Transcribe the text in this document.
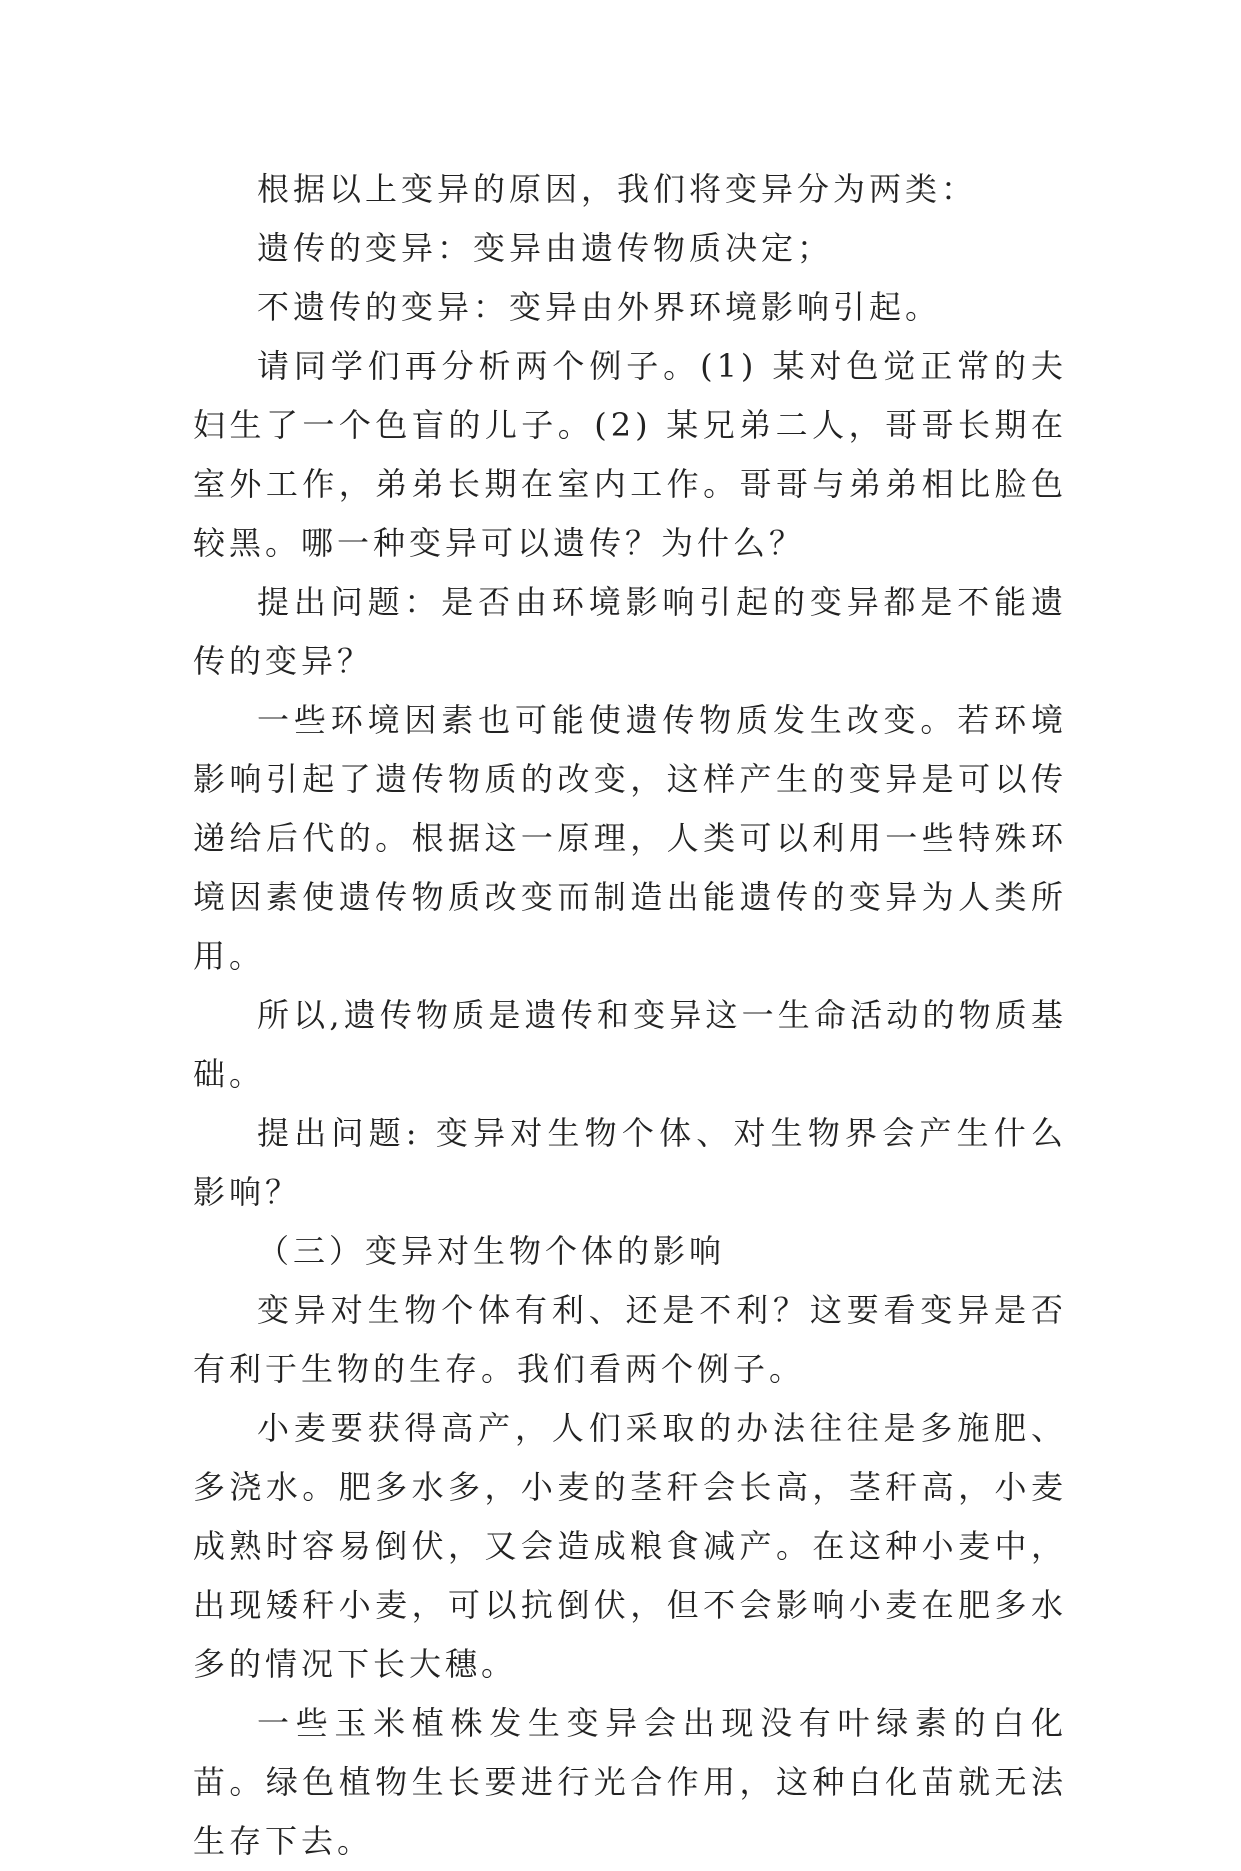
根据以上变异的原因，我们将变异分为两类：

遗传的变异：变异由遗传物质决定；

不遗传的变异：变异由外界环境影响引起。

请同学们再分析两个例子。(1) 某对色觉正常的夫妇生了一个色盲的儿子。(2) 某兄弟二人，哥哥长期在室外工作，弟弟长期在室内工作。哥哥与弟弟相比脸色较黑。哪一种变异可以遗传？为什么？

提出问题：是否由环境影响引起的变异都是不能遗传的变异？

一些环境因素也可能使遗传物质发生改变。若环境影响引起了遗传物质的改变，这样产生的变异是可以传递给后代的。根据这一原理，人类可以利用一些特殊环境因素使遗传物质改变而制造出能遗传的变异为人类所用。

所以,遗传物质是遗传和变异这一生命活动的物质基础。

提出问题: 变异对生物个体、对生物界会产生什么影响？

（三）变异对生物个体的影响

变异对生物个体有利、还是不利？这要看变异是否有利于生物的生存。我们看两个例子。

小麦要获得高产，人们采取的办法往往是多施肥、多浇水。肥多水多，小麦的茎秆会长高，茎秆高，小麦成熟时容易倒伏，又会造成粮食减产。在这种小麦中，出现矮秆小麦，可以抗倒伏，但不会影响小麦在肥多水多的情况下长大穗。

一些玉米植株发生变异会出现没有叶绿素的白化苗。绿色植物生长要进行光合作用，这种白化苗就无法生存下去。
